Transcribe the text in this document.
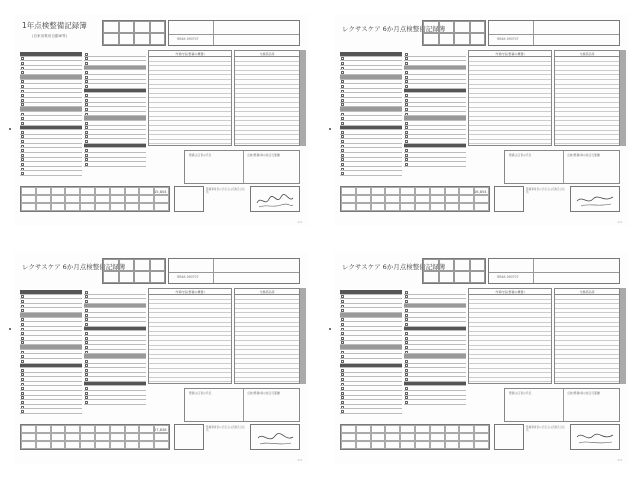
1年点検整備記録簿
(自家用乗用自動車等)
RB48-990T07
作業内容(整備の概要)	交換部品等
整備主任者の氏名	点検(整備)時の総走行距離
15,804
整備事業者の氏名又は名称及び住所
1/1
レクサスケア 6か月点検整備記録簿
RB48-990T07
作業内容(整備の概要)	交換部品等
整備主任者の氏名	点検(整備)時の総走行距離
16,854
整備事業者の氏名又は名称及び住所
1/1
レクサスケア 6か月点検整備記録簿
RB48-990T07
作業内容(整備の概要)	交換部品等
整備主任者の氏名	点検(整備)時の総走行距離
27,836
整備事業者の氏名又は名称及び住所
1/1
レクサスケア 6か月点検整備記録簿
RB48-990T07
作業内容(整備の概要)	交換部品等
整備主任者の氏名	点検(整備)時の総走行距離
整備事業者の氏名又は名称及び住所
1/1
